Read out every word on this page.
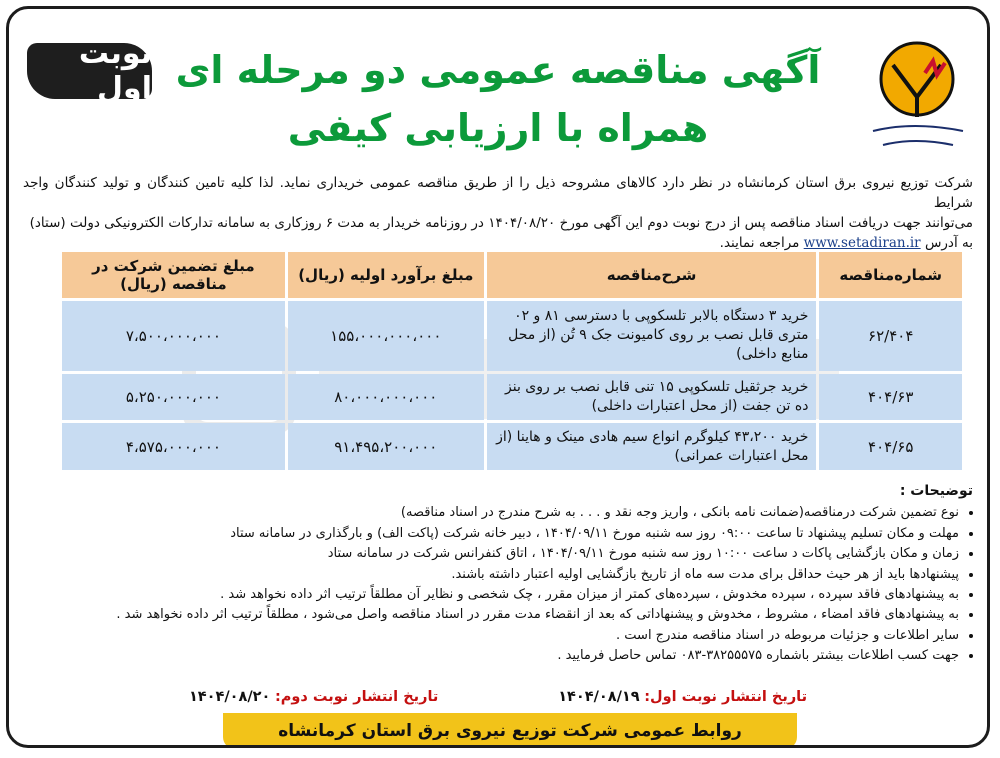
نوبت اول آگهی مناقصه عمومی دو مرحله ای
همراه با ارزیابی کیفی

شرکت توزیع نیروی برق استان کرمانشاه در نظر دارد کالاهای مشروحه ذیل را از طریق مناقصه عمومی خریداری نماید. لذا کلیه تامین کنندگان و تولید کنندگان واجد شرایط

می‌توانند جهت دریافت اسناد مناقصه پس از درج نوبت دوم این آگهی مورخ ۱۴۰۴/۰۸/۲۰ در روزنامه خریدار به مدت ۶ روزکاری به سامانه تدارکات الکترونیکی دولت (ستاد)

به آدرس www.setadiran.ir مراجعه نمایند.

شماره‌مناقصه	شرح‌مناقصه	مبلغ برآورد اولیه (ریال)	مبلغ تضمین شرکت در مناقصه (ریال)
۶۲/۴۰۴	خرید ۳ دستگاه بالابر تلسکوپی با دسترسی ۸۱ و ۰۲ متری قابل نصب بر روی کامیونت جک ۹ تُن (از محل منابع داخلی)	۱۵۵،۰۰۰،۰۰۰،۰۰۰	۷،۵۰۰،۰۰۰،۰۰۰
۴۰۴/۶۳	خرید جرثقیل تلسکوپی ۱۵ تنی قابل نصب بر روی بنز ده تن جفت (از محل اعتبارات داخلی)	۸۰،۰۰۰،۰۰۰،۰۰۰	۵،۲۵۰،۰۰۰،۰۰۰
۴۰۴/۶۵	خرید ۴۳،۲۰۰ کیلوگرم انواع سیم هادی مینک و هاینا (از محل اعتبارات عمرانی)	۹۱،۴۹۵،۲۰۰،۰۰۰	۴،۵۷۵،۰۰۰،۰۰۰
توضیحات :
• نوع تضمین شرکت درمناقصه(ضمانت نامه بانکی ، واریز وجه نقد و . . . به شرح مندرج در اسناد مناقصه)
• مهلت و مکان تسلیم پیشنهاد تا ساعت ۰۹:۰۰ روز سه شنبه مورخ ۱۴۰۴/۰۹/۱۱ ، دبیر خانه شرکت (پاکت الف) و بارگذاری در سامانه ستاد
• زمان و مکان بازگشایی پاکات د ساعت ۱۰:۰۰ روز سه شنبه مورخ ۱۴۰۴/۰۹/۱۱ ، اتاق کنفرانس شرکت در سامانه ستاد
• پیشنهادها باید از هر حیث حداقل برای مدت سه ماه از تاریخ بازگشایی اولیه اعتبار داشته باشند.
• به پیشنهادهای فاقد سپرده ، سپرده مخدوش ، سپرده‌های کمتر از میزان مقرر ، چک شخصی و نظایر آن مطلقاً ترتیب اثر داده نخواهد شد .
• به پیشنهادهای فاقد امضاء ، مشروط ، مخدوش و پیشنهاداتی که بعد از انقضاء مدت مقرر در اسناد مناقصه واصل می‌شود ، مطلقاً ترتیب اثر داده نخواهد شد .
• سایر اطلاعات و جزئیات مربوطه در اسناد مناقصه مندرج است .
• جهت کسب اطلاعات بیشتر باشماره ۳۸۲۵۵۵۷۵-۰۸۳ تماس حاصل فرمایید .
تاریخ انتشار نوبت اول: ۱۴۰۴/۰۸/۱۹
تاریخ انتشار نوبت دوم: ۱۴۰۴/۰۸/۲۰
روابط عمومی شرکت توزیع نیروی برق استان کرمانشاه
